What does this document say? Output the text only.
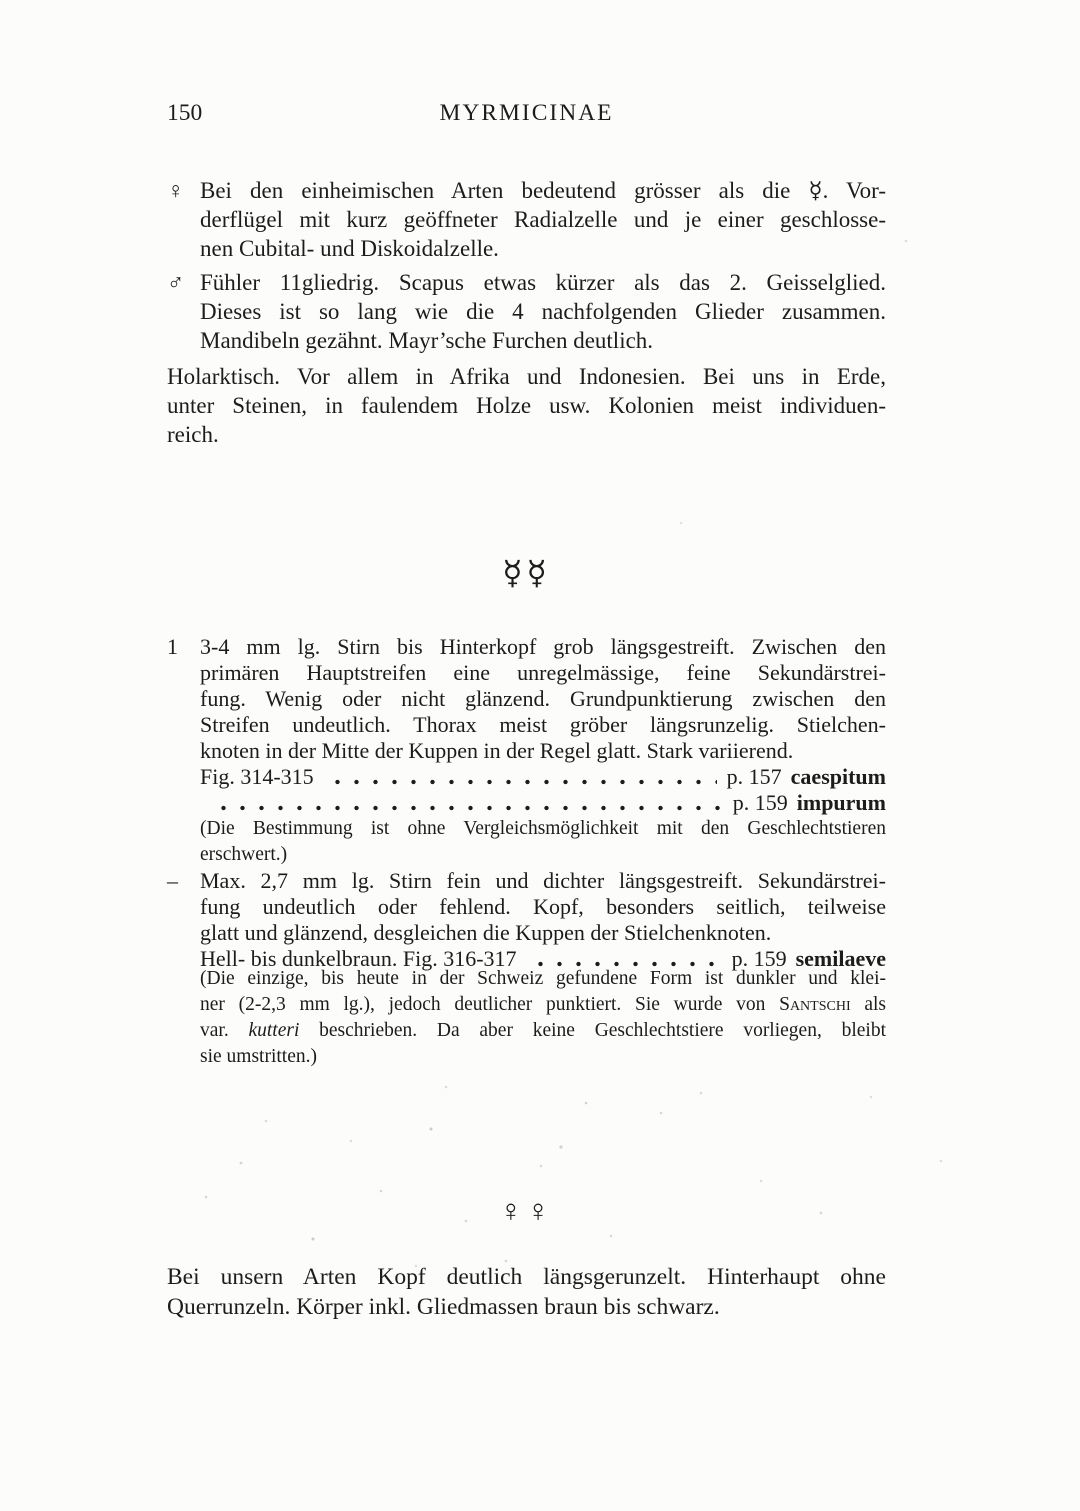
150	MYRMICINAE
♀ Bei den einheimischen Arten bedeutend grösser als die ☿. Vor-
derflügel mit kurz geöffneter Radialzelle und je einer geschlosse-
nen Cubital- und Diskoidalzelle.
♂ Fühler 11gliedrig. Scapus etwas kürzer als das 2. Geisselglied.
Dieses ist so lang wie die 4 nachfolgenden Glieder zusammen.
Mandibeln gezähnt. Mayr’sche Furchen deutlich.
Holarktisch. Vor allem in Afrika und Indonesien. Bei uns in Erde,
unter Steinen, in faulendem Holze usw. Kolonien meist individuen-
reich.
☿☿
1 3-4 mm lg. Stirn bis Hinterkopf grob längsgestreift. Zwischen den
primären Hauptstreifen eine unregelmässige, feine Sekundärstrei-
fung. Wenig oder nicht glänzend. Grundpunktierung zwischen den
Streifen undeutlich. Thorax meist gröber längsrunzelig. Stielchen-
knoten in der Mitte der Kuppen in der Regel glatt. Stark variierend.
Fig. 314-315	p. 157 caespitum
p. 159 impurum
(Die Bestimmung ist ohne Vergleichsmöglichkeit mit den Geschlechtstieren
erschwert.)
– Max. 2,7 mm lg. Stirn fein und dichter längsgestreift. Sekundärstrei-
fung undeutlich oder fehlend. Kopf, besonders seitlich, teilweise
glatt und glänzend, desgleichen die Kuppen der Stielchenknoten.
Hell- bis dunkelbraun. Fig. 316-317	p. 159 semilaeve
(Die einzige, bis heute in der Schweiz gefundene Form ist dunkler und klei-
ner (2-2,3 mm lg.), jedoch deutlicher punktiert. Sie wurde von Santschi als
var. kutteri beschrieben. Da aber keine Geschlechtstiere vorliegen, bleibt
sie umstritten.)
♀♀
Bei unsern Arten Kopf deutlich längsgerunzelt. Hinterhaupt ohne
Querrunzeln. Körper inkl. Gliedmassen braun bis schwarz.
